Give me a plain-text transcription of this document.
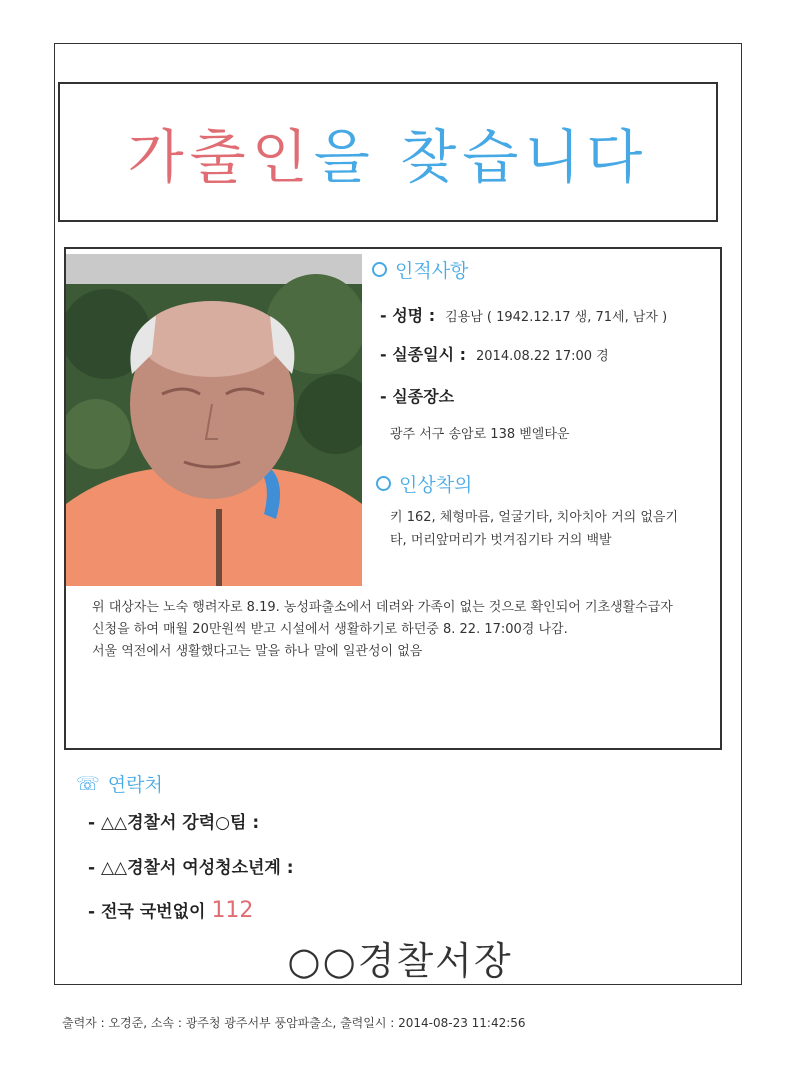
가출인을 찾습니다
인적사항
- 성명 : 김용남 ( 1942.12.17 생, 71세, 남자 )
- 실종일시 : 2014.08.22 17:00 경
- 실종장소
광주 서구 송암로 138 벧엘타운
인상착의
키 162, 체형마름, 얼굴기타, 치아치아 거의 없음기
타, 머리앞머리가 벗겨짐기타 거의 백발
위 대상자는 노숙 행려자로 8.19. 농성파출소에서 데려와 가족이 없는 것으로 확인되어 기초생활수급자
신청을 하여 매월 20만원씩 받고 시설에서 생활하기로 하던중 8. 22. 17:00경 나감.
서울 역전에서 생활했다고는 말을 하나 말에 일관성이 없음
☏ 연락처
- △△경찰서 강력○팀 :
- △△경찰서 여성청소년계 :
- 전국 국번없이 112
○○경찰서장
출력자 : 오경준, 소속 : 광주청 광주서부 풍암파출소, 출력일시 : 2014-08-23 11:42:56
